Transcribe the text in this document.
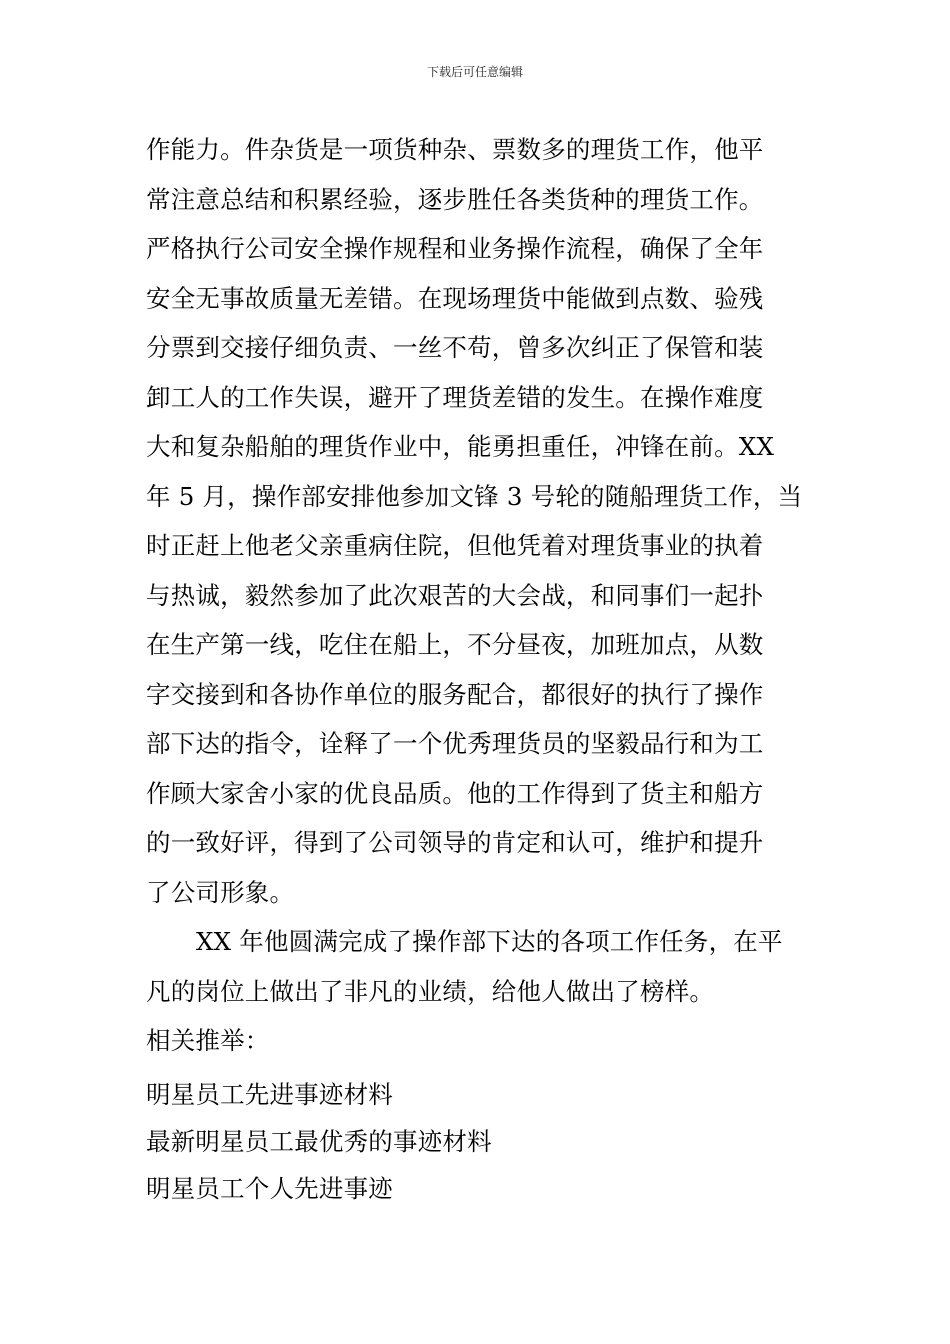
下载后可任意编辑
作能力。件杂货是一项货种杂、票数多的理货工作，他平
常注意总结和积累经验，逐步胜任各类货种的理货工作。
严格执行公司安全操作规程和业务操作流程，确保了全年
安全无事故质量无差错。在现场理货中能做到点数、验残
分票到交接仔细负责、一丝不苟，曾多次纠正了保管和装
卸工人的工作失误，避开了理货差错的发生。在操作难度
大和复杂船舶的理货作业中，能勇担重任，冲锋在前。XX
年 5 月，操作部安排他参加文锋 3 号轮的随船理货工作，当
时正赶上他老父亲重病住院，但他凭着对理货事业的执着
与热诚，毅然参加了此次艰苦的大会战，和同事们一起扑
在生产第一线，吃住在船上，不分昼夜，加班加点，从数
字交接到和各协作单位的服务配合，都很好的执行了操作
部下达的指令，诠释了一个优秀理货员的坚毅品行和为工
作顾大家舍小家的优良品质。他的工作得到了货主和船方
的一致好评，得到了公司领导的肯定和认可，维护和提升
了公司形象。
XX 年他圆满完成了操作部下达的各项工作任务，在平
凡的岗位上做出了非凡的业绩，给他人做出了榜样。
相关推举：
明星员工先进事迹材料
最新明星员工最优秀的事迹材料
明星员工个人先进事迹
